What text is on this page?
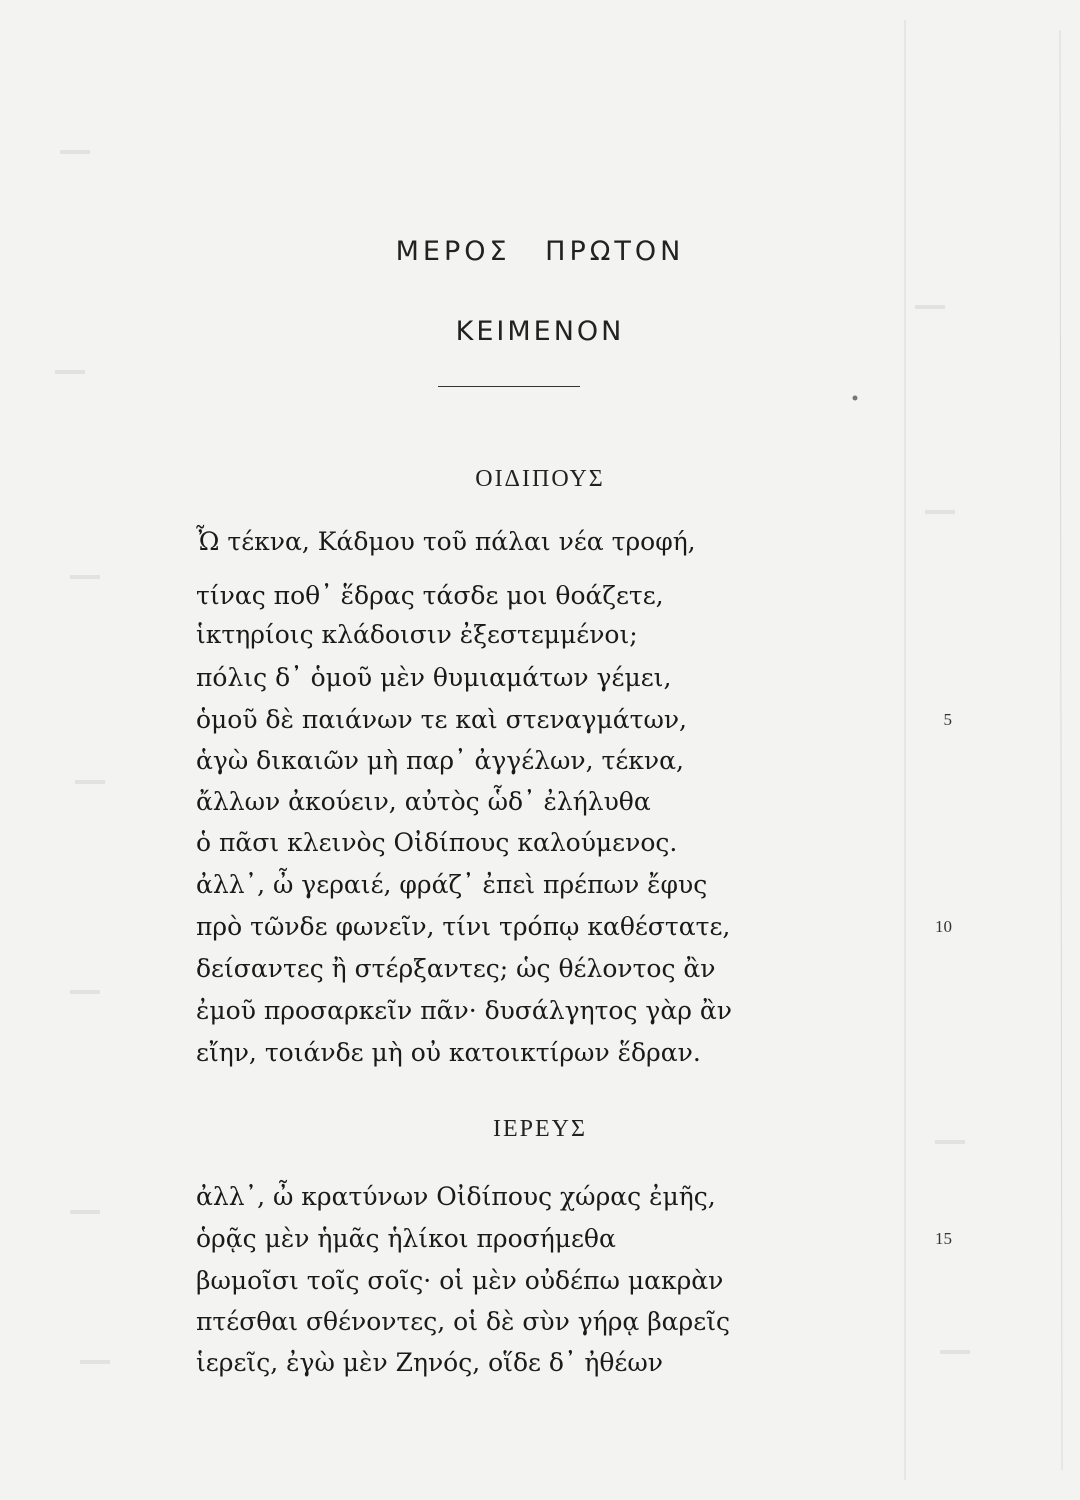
ΜΕΡΟΣ ΠΡΩΤΟΝ
ΚΕΙΜΕΝΟΝ
ΟΙΔΙΠΟΥΣ
Ὦ τέκνα, Κάδμου τοῦ πάλαι νέα τροφή,
τίνας ποθ᾽ ἕδρας τάσδε μοι θοάζετε,
ἱκτηρίοις κλάδοισιν ἐξεστεμμένοι;
πόλις δ᾽ ὁμοῦ μὲν θυμιαμάτων γέμει,
ὁμοῦ δὲ παιάνων τε καὶ στεναγμάτων,	5
ἁγὼ δικαιῶν μὴ παρ᾽ ἀγγέλων, τέκνα,
ἄλλων ἀκούειν, αὐτὸς ὧδ᾽ ἐλήλυθα
ὁ πᾶσι κλεινὸς Οἰδίπους καλούμενος.
ἀλλ᾽, ὦ γεραιέ, φράζ᾽ ἐπεὶ πρέπων ἔφυς
πρὸ τῶνδε φωνεῖν, τίνι τρόπῳ καθέστατε,	10
δείσαντες ἢ στέρξαντες; ὡς θέλοντος ἂν
ἐμοῦ προσαρκεῖν πᾶν· δυσάλγητος γὰρ ἂν
εἴην, τοιάνδε μὴ οὐ κατοικτίρων ἕδραν.
ΙΕΡΕΥΣ
ἀλλ᾽, ὦ κρατύνων Οἰδίπους χώρας ἐμῆς,
ὁρᾷς μὲν ἡμᾶς ἡλίκοι προσήμεθα	15
βωμοῖσι τοῖς σοῖς· οἱ μὲν οὐδέπω μακρὰν
πτέσθαι σθένοντες, οἱ δὲ σὺν γήρᾳ βαρεῖς
ἱερεῖς, ἐγὼ μὲν Ζηνός, οἵδε δ᾽ ἠθέων
